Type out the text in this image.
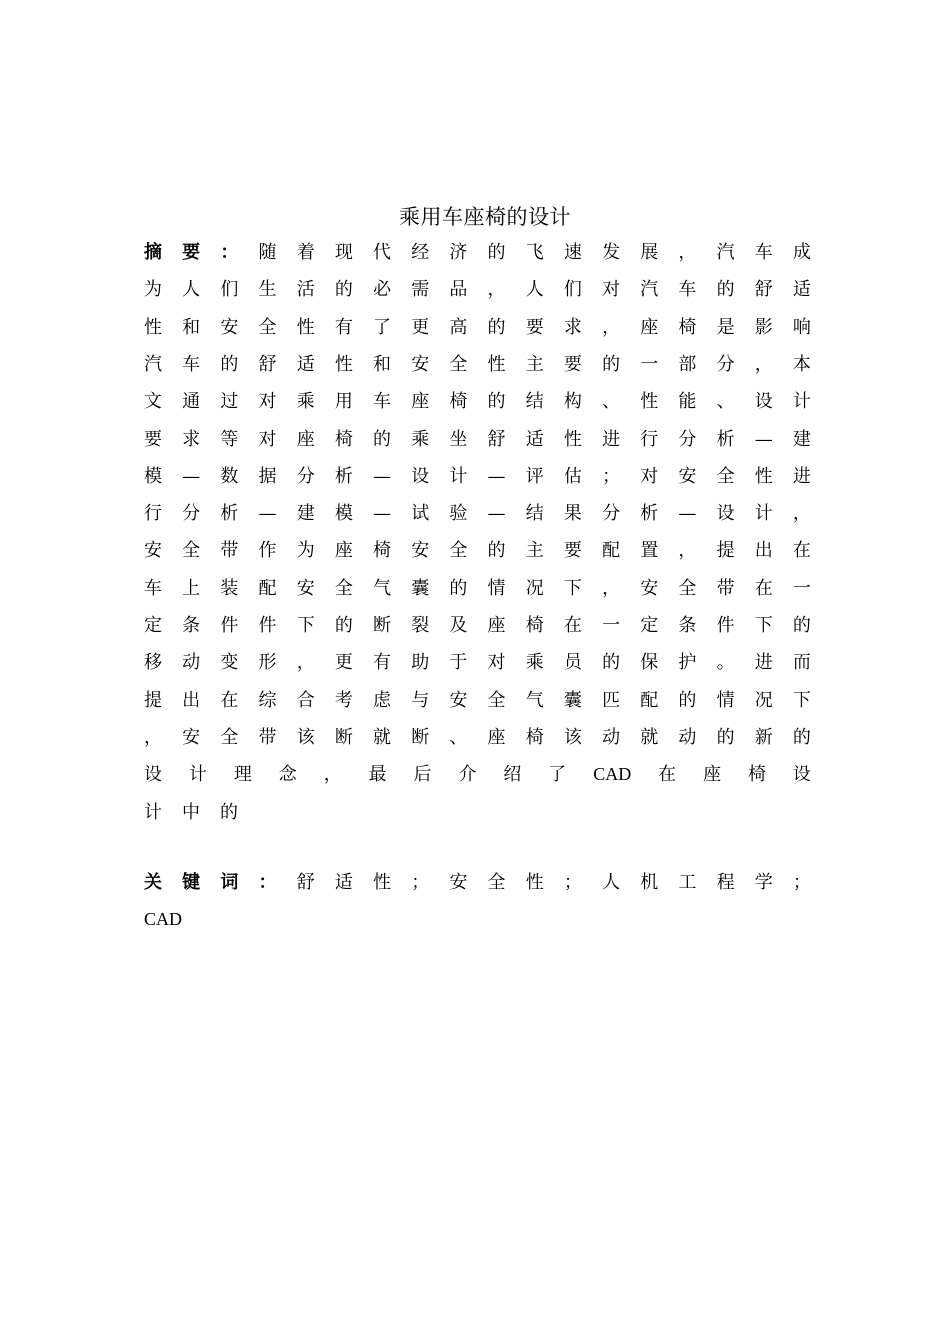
乘用车座椅的设计
摘 要 ： 随 着 现 代 经 济 的 飞 速 发 展 ， 汽 车 成
为 人 们 生 活 的 必 需 品 ， 人 们 对 汽 车 的 舒 适
性 和 安 全 性 有 了 更 高 的 要 求 ， 座 椅 是 影 响
汽 车 的 舒 适 性 和 安 全 性 主 要 的 一 部 分 ， 本
文 通 过 对 乘 用 车 座 椅 的 结 构 、 性 能 、 设 计
要 求 等 对 座 椅 的 乘 坐 舒 适 性 进 行 分 析 — 建
模 — 数 据 分 析 — 设 计 — 评 估 ； 对 安 全 性 进
行 分 析 — 建 模 — 试 验 — 结 果 分 析 — 设 计 ，
安 全 带 作 为 座 椅 安 全 的 主 要 配 置 ， 提 出 在
车 上 装 配 安 全 气 囊 的 情 况 下 ， 安 全 带 在 一
定 条 件 件 下 的 断 裂 及 座 椅 在 一 定 条 件 下 的
移 动 变 形 ， 更 有 助 于 对 乘 员 的 保 护 。 进 而
提 出 在 综 合 考 虑 与 安 全 气 囊 匹 配 的 情 况 下
， 安 全 带 该 断 就 断 、 座 椅 该 动 就 动 的 新 的
设 计 理 念 ， 最 后 介 绍 了 CAD 在 座 椅 设
计 中 的
关 键 词 ： 舒 适 性 ； 安 全 性 ； 人 机 工 程 学 ；
CAD
